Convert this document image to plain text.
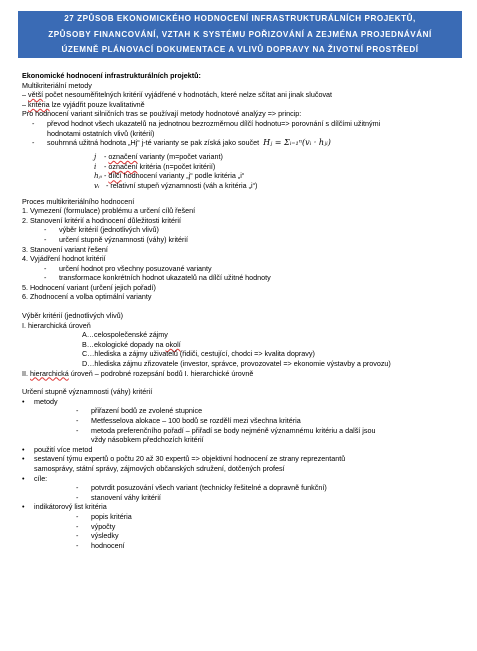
27 ZPŮSOB EKONOMICKÉHO HODNOCENÍ INFRASTRUKTURÁLNÍCH PROJEKTŮ,
ZPŮSOBY FINANCOVÁNÍ, VZTAH K SYSTÉMU POŘIZOVÁNÍ A ZEJMÉNA PROJEDNÁVÁNÍ
ÚZEMNĚ PLÁNOVACÍ DOKUMENTACE A VLIVŮ DOPRAVY NA ŽIVOTNÍ PROSTŘEDÍ
Ekonomické hodnocení infrastrukturálních projektů:
Multikriteriální metody
– větší počet nesouměřitelných kritérií vyjádřené v hodnotách, které nelze sčítat ani jinak slučovat
– kritéria lze vyjádřit pouze kvalitativně
Pro hodnocení variant silničních tras se používají metody hodnotové analýzy => princip:
- převod hodnot všech ukazatelů na jednotnou bezrozměrnou dílčí hodnotu=> porovnání s dílčími užitnými
hodnotami ostatních vlivů (kritérií)
- souhrnná užitná hodnota „Hj“ j-té varianty se pak získá jako součet Hⱼ = Σᵢ₌₁ⁿ(vᵢ · hⱼᵢ)
j - označení varianty (m=počet variant)
i - označení kritéria (n=počet kritérií)
hⱼᵢ - dílčí hodnocení varianty „j“ podle kritéria „i“
vᵢ - relativní stupeň významnosti (váh a kritéria „i“)
Proces multikriteriálního hodnocení
1. Vymezení (formulace) problému a určení cílů řešení
2. Stanovení kritérií a hodnocení důležitosti kritérií
- výběr kritérií (jednotlivých vlivů)
- určení stupně významnosti (váhy) kritérií
3. Stanovení variant řešení
4. Vyjádření hodnot kritérií
- určení hodnot pro všechny posuzované varianty
- transformace konkrétních hodnot ukazatelů na dílčí užitné hodnoty
5. Hodnocení variant (určení jejich pořadí)
6. Zhodnocení a volba optimální varianty
Výběr kritérií (jednotlivých vlivů)
I. hierarchická úroveň
A…celospolečenské zájmy
B…ekologické dopady na okolí
C…hlediska a zájmy uživatelů (řidiči, cestující, chodci => kvalita dopravy)
D…hlediska zájmu zřizovatele (investor, správce, provozovatel => ekonomie výstavby a provozu)
II. hierarchická úroveň – podrobné rozepsání bodů I. hierarchické úrovně
Určení stupně významnosti (váhy) kritérií
• metody
- přiřazení bodů ze zvolené stupnice
- Metfesselova alokace – 100 bodů se rozdělí mezi všechna kritéria
- metoda preferenčního pořadí – přiřadí se body nejméně významnému kritériu a další jsou
vždy násobkem předchozích kritérií
• použití více metod
• sestavení týmu expertů o počtu 20 až 30 expertů => objektivní hodnocení ze strany reprezentantů
samosprávy, státní správy, zájmových občanských sdružení, dotčených profesí
• cíle:
- potvrdit posuzování všech variant (technicky řešitelné a dopravně funkční)
- stanovení váhy kritérií
• indikátorový list kritéria
- popis kritéria
- výpočty
- výsledky
- hodnocení
